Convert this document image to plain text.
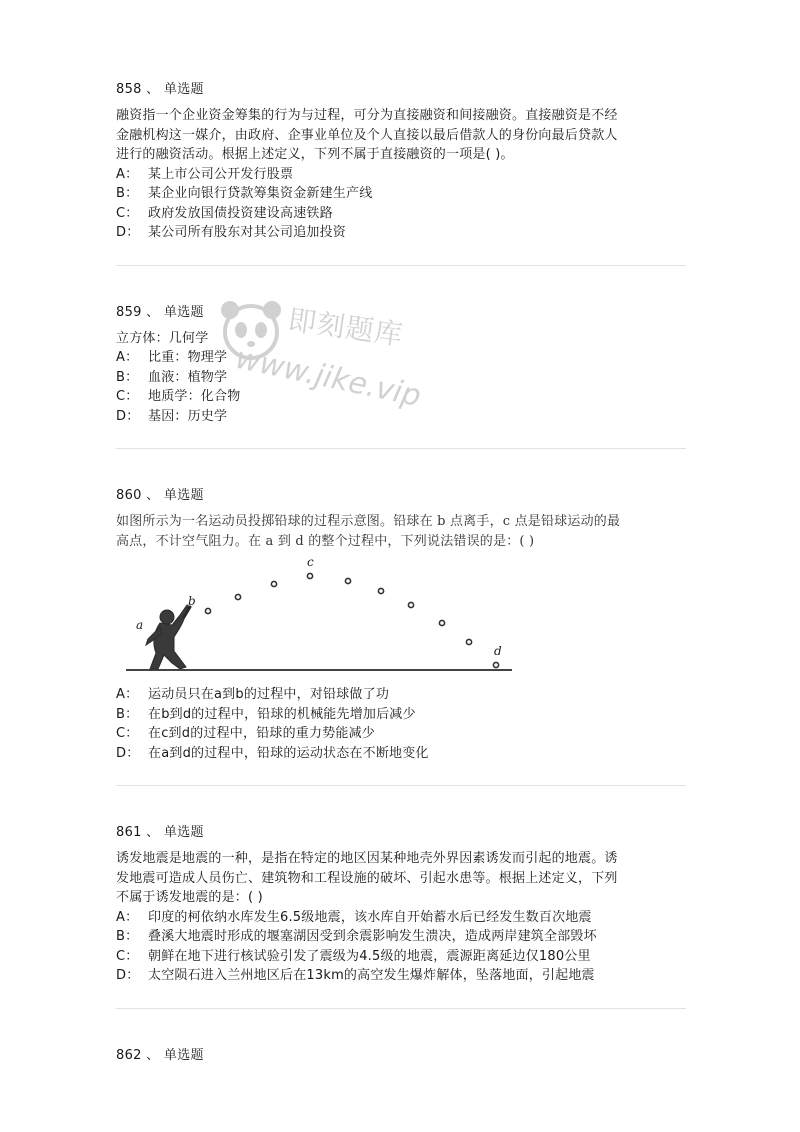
858 、 单选题
融资指一个企业资金筹集的行为与过程，可分为直接融资和间接融资。直接融资是不经
金融机构这一媒介，由政府、企事业单位及个人直接以最后借款人的身份向最后贷款人
进行的融资活动。根据上述定义，下列不属于直接融资的一项是( )。
A： 某上市公司公开发行股票
B： 某企业向银行贷款筹集资金新建生产线
C： 政府发放国债投资建设高速铁路
D： 某公司所有股东对其公司追加投资
859 、 单选题
立方体：几何学
A： 比重：物理学
B： 血液：植物学
C： 地质学：化合物
D： 基因：历史学
860 、 单选题
如图所示为一名运动员投掷铅球的过程示意图。铅球在 b 点离手，c 点是铅球运动的最
高点，不计空气阻力。在 a 到 d 的整个过程中，下列说法错误的是：( )
a
b
c
d
A： 运动员只在a到b的过程中，对铅球做了功
B： 在b到d的过程中，铅球的机械能先增加后减少
C： 在c到d的过程中，铅球的重力势能减少
D： 在a到d的过程中，铅球的运动状态在不断地变化
861 、 单选题
诱发地震是地震的一种，是指在特定的地区因某种地壳外界因素诱发而引起的地震。诱
发地震可造成人员伤亡、建筑物和工程设施的破坏、引起水患等。根据上述定义，下列
不属于诱发地震的是：( )
A： 印度的柯依纳水库发生6.5级地震，该水库自开始蓄水后已经发生数百次地震
B： 叠溪大地震时形成的堰塞湖因受到余震影响发生溃决，造成两岸建筑全部毁坏
C： 朝鲜在地下进行核试验引发了震级为4.5级的地震，震源距离延边仅180公里
D： 太空陨石进入兰州地区后在13km的高空发生爆炸解体，坠落地面，引起地震
862 、 单选题
即刻题库
www.jike.vip
